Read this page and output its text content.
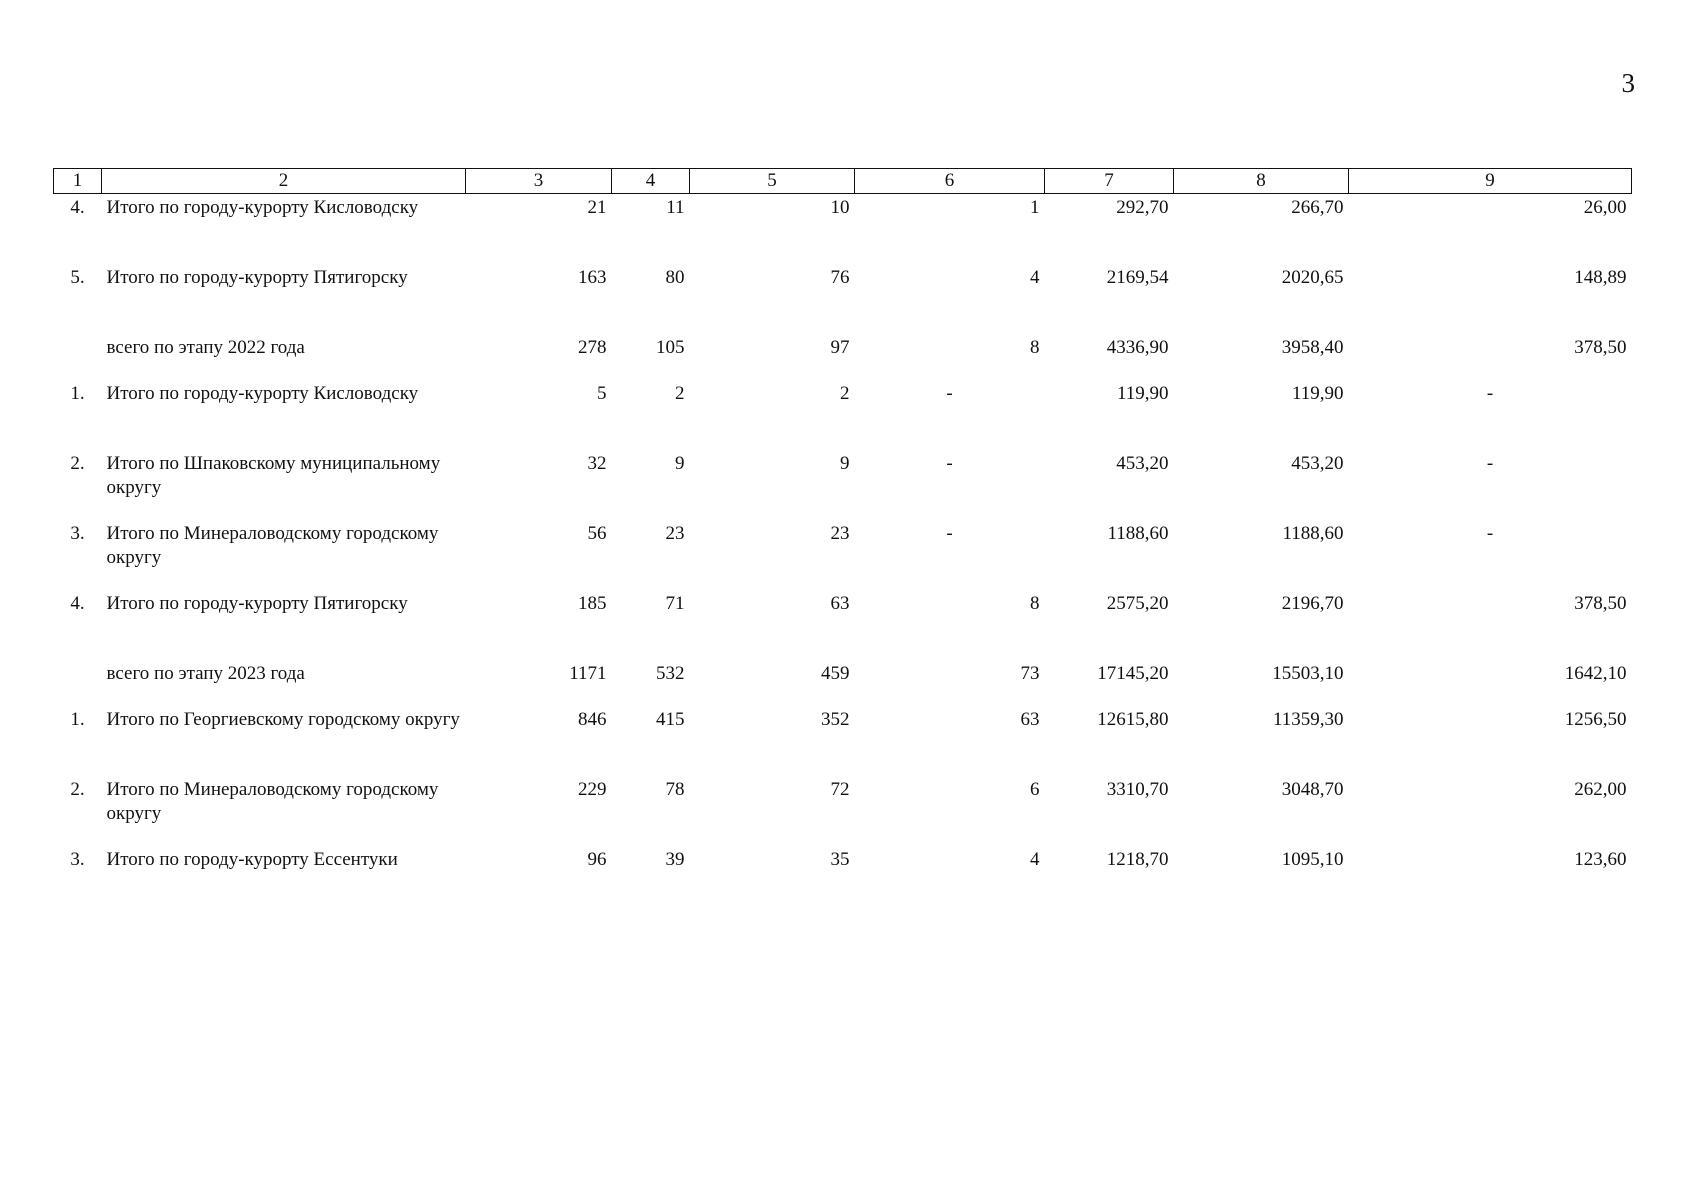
3
1	2	3	4	5	6	7	8	9
4.	Итого по городу-курорту Кисловодску	21	11	10	1	292,70	266,70	26,00
5.	Итого по городу-курорту Пятигорску	163	80	76	4	2169,54	2020,65	148,89
	всего по этапу 2022 года	278	105	97	8	4336,90	3958,40	378,50
1.	Итого по городу-курорту Кисловодску	5	2	2	-	119,90	119,90	-
2.	Итого по Шпаковскому муниципальному округу	32	9	9	-	453,20	453,20	-
3.	Итого по Минераловодскому городскому округу	56	23	23	-	1188,60	1188,60	-
4.	Итого по городу-курорту Пятигорску	185	71	63	8	2575,20	2196,70	378,50
	всего по этапу 2023 года	1171	532	459	73	17145,20	15503,10	1642,10
1.	Итого по Георгиевскому городскому округу	846	415	352	63	12615,80	11359,30	1256,50
2.	Итого по Минераловодскому городскому округу	229	78	72	6	3310,70	3048,70	262,00
3.	Итого по городу-курорту Ессентуки	96	39	35	4	1218,70	1095,10	123,60
